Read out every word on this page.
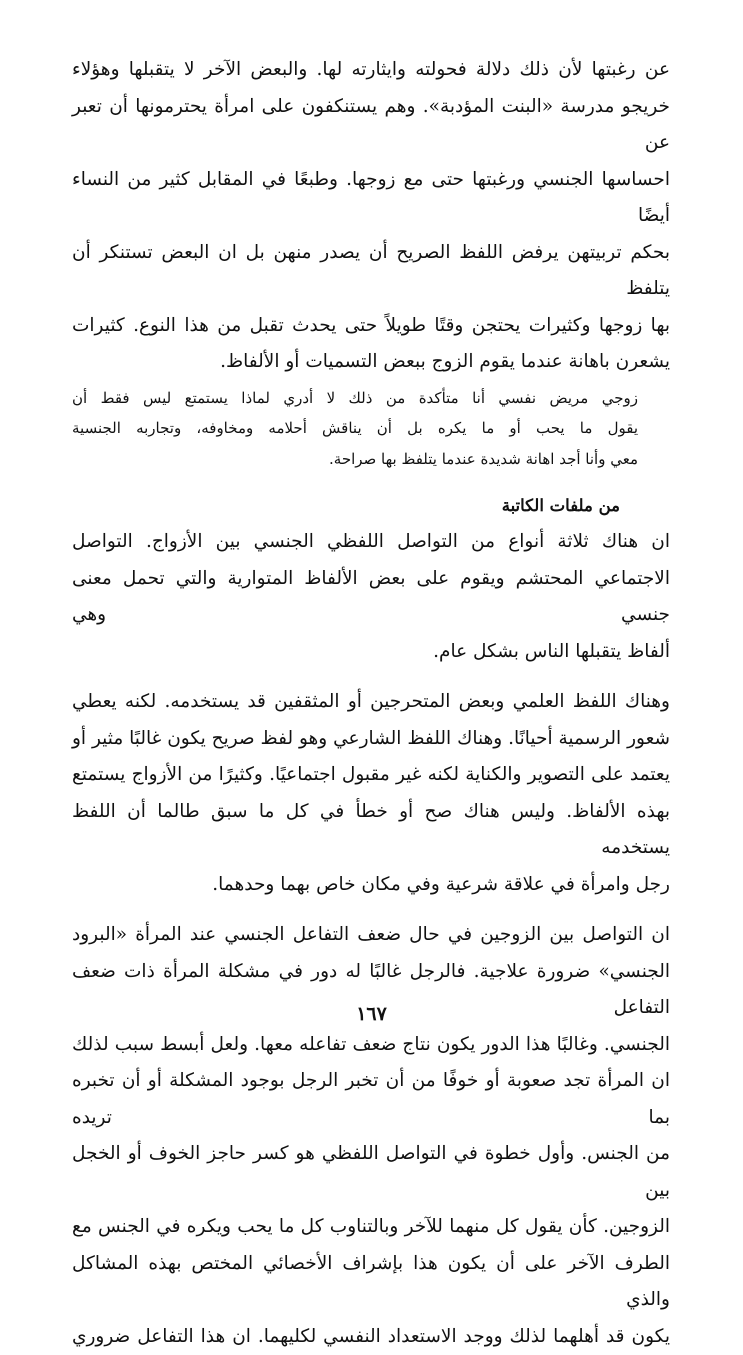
عن رغبتها لأن ذلك دلالة فحولته وايثارته لها. والبعض الآخر لا يتقبلها وهؤلاء
خريجو مدرسة «البنت المؤدبة». وهم يستنكفون على امرأة يحترمونها أن تعبر عن
احساسها الجنسي ورغبتها حتى مع زوجها. وطبعًا في المقابل كثير من النساء أيضًا
بحكم تربيتهن يرفض اللفظ الصريح أن يصدر منهن بل ان البعض تستنكر أن يتلفظ
بها زوجها وكثيرات يحتجن وقتًا طويلاً حتى يحدث تقبل من هذا النوع. كثيرات
يشعرن باهانة عندما يقوم الزوج ببعض التسميات أو الألفاظ.

زوجي مريض نفسي أنا متأكدة من ذلك لا أدري لماذا يستمتع ليس فقط أن
يقول ما يحب أو ما يكره بل أن يناقش أحلامه ومخاوفه، وتجاربه الجنسية
معي وأنا أجد اهانة شديدة عندما يتلفظ بها صراحة.
من ملفات الكاتبة

ان هناك ثلاثة أنواع من التواصل اللفظي الجنسي بين الأزواج. التواصل
الاجتماعي المحتشم ويقوم على بعض الألفاظ المتوارية والتي تحمل معنى جنسي وهي
ألفاظ يتقبلها الناس بشكل عام.

وهناك اللفظ العلمي وبعض المتحرجين أو المثقفين قد يستخدمه. لكنه يعطي
شعور الرسمية أحيانًا. وهناك اللفظ الشارعي وهو لفظ صريح يكون غالبًا مثير أو
يعتمد على التصوير والكناية لكنه غير مقبول اجتماعيًا. وكثيرًا من الأزواج يستمتع
بهذه الألفاظ. وليس هناك صح أو خطأ في كل ما سبق طالما أن اللفظ يستخدمه
رجل وامرأة في علاقة شرعية وفي مكان خاص بهما وحدهما.

ان التواصل بين الزوجين في حال ضعف التفاعل الجنسي عند المرأة «البرود
الجنسي» ضرورة علاجية. فالرجل غالبًا له دور في مشكلة المرأة ذات ضعف التفاعل
الجنسي. وغالبًا هذا الدور يكون نتاج ضعف تفاعله معها. ولعل أبسط سبب لذلك
ان المرأة تجد صعوبة أو خوفًا من أن تخبر الرجل بوجود المشكلة أو أن تخبره بما تريده
من الجنس. وأول خطوة في التواصل اللفظي هو كسر حاجز الخوف أو الخجل بين
الزوجين. كأن يقول كل منهما للآخر وبالتناوب كل ما يحب ويكره في الجنس مع
الطرف الآخر على أن يكون هذا بإشراف الأخصائي المختص بهذه المشاكل والذي
يكون قد أهلهما لذلك ووجد الاستعداد النفسي لكليهما. ان هذا التفاعل ضروري

١٦٧
